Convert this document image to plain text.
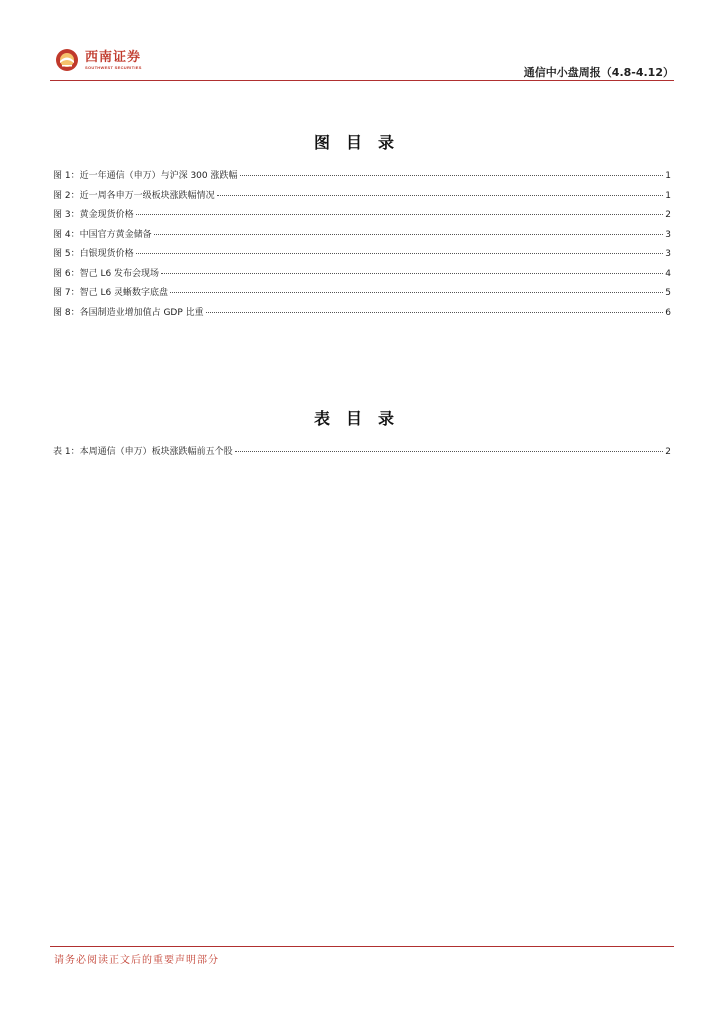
西南证券
SOUTHWEST SECURITIES	通信中小盘周报（4.8-4.12）
图目录
图 1：近一年通信（申万）与沪深 300 涨跌幅	1
图 2：近一周各申万一级板块涨跌幅情况	1
图 3：黄金现货价格	2
图 4：中国官方黄金储备	3
图 5：白银现货价格	3
图 6：智己 L6 发布会现场	4
图 7：智己 L6 灵蜥数字底盘	5
图 8：各国制造业增加值占 GDP 比重	6
表目录
表 1：本周通信（申万）板块涨跌幅前五个股	2
请务必阅读正文后的重要声明部分
